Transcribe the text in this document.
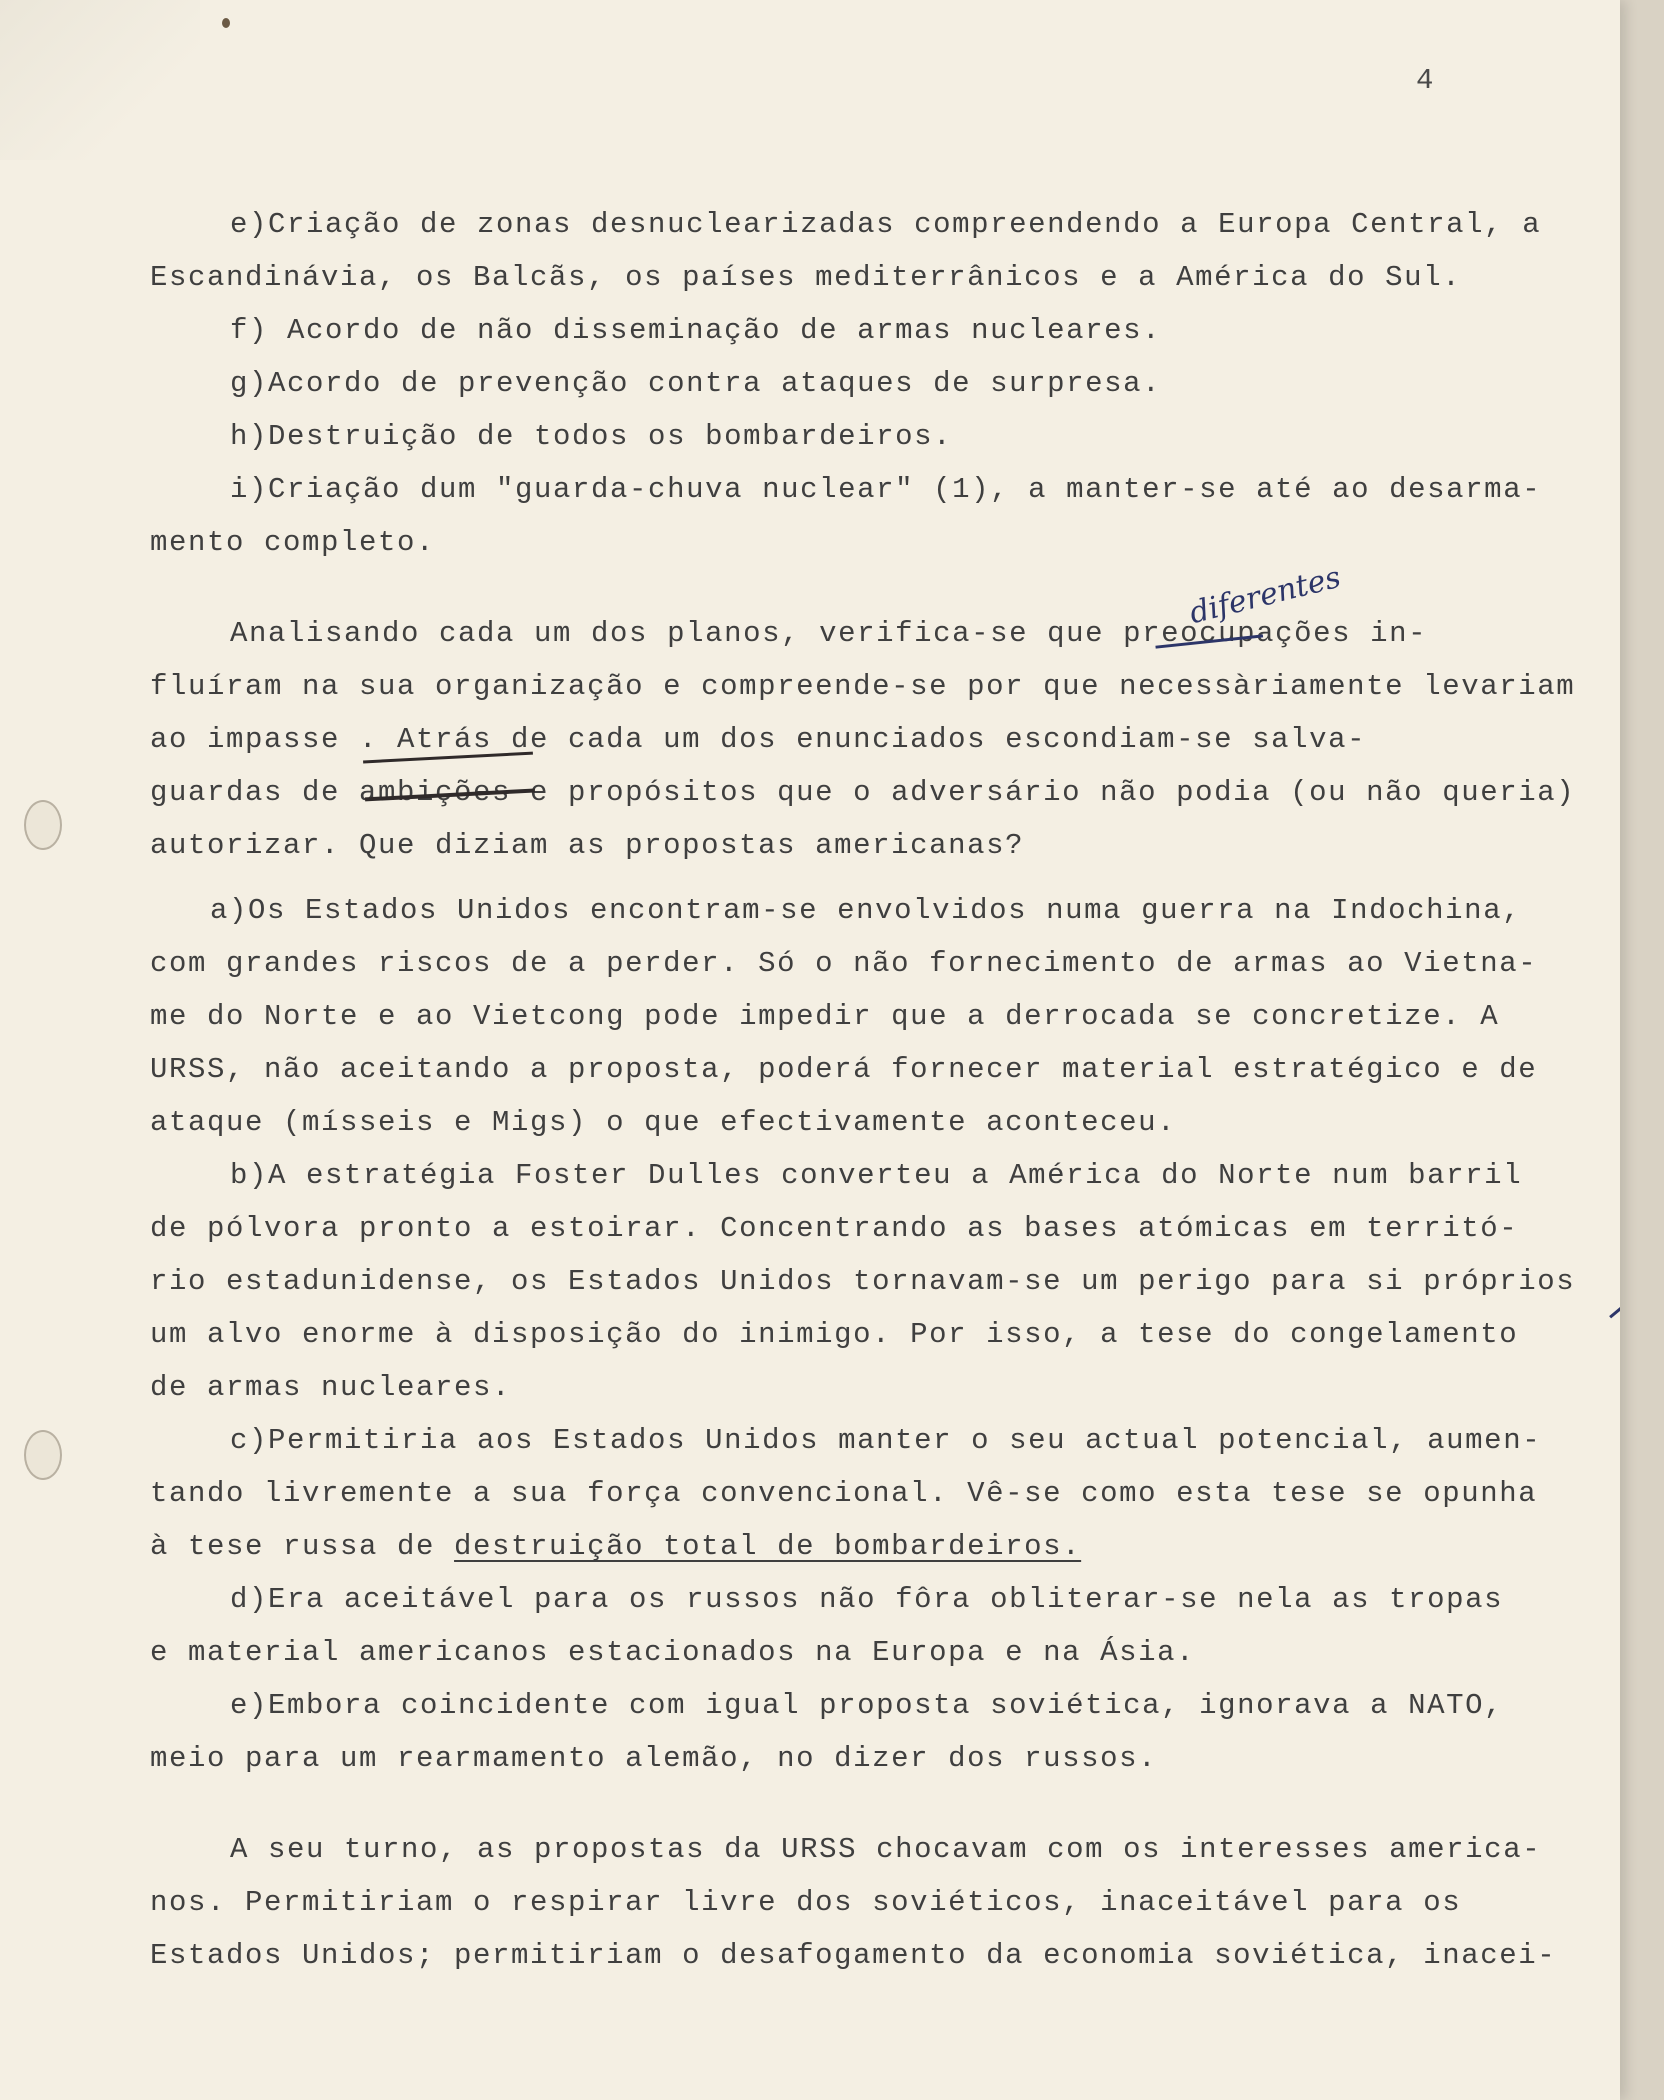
4
e)Criação de zonas desnuclearizadas compreendendo a Europa Central, a
Escandinávia, os Balcãs, os países mediterrânicos e a América do Sul.
f) Acordo de não disseminação de armas nucleares.
g)Acordo de prevenção contra ataques de surpresa.
h)Destruição de todos os bombardeiros.
i)Criação dum "guarda-chuva nuclear" (1), a manter-se até ao desarma-
mento completo.
Analisando cada um dos planos, verifica-se que preocupações in-
fluíram na sua organização e compreende-se por que necessàriamente levariam
ao impasse . Atrás de cada um dos enunciados escondiam-se salva-
guardas de ambições e propósitos que o adversário não podia (ou não queria)
autorizar. Que diziam as propostas americanas?
a)Os Estados Unidos encontram-se envolvidos numa guerra na Indochina,
com grandes riscos de a perder. Só o não fornecimento de armas ao Vietna-
me do Norte e ao Vietcong pode impedir que a derrocada se concretize. A
URSS, não aceitando a proposta, poderá fornecer material estratégico e de
ataque (mísseis e Migs) o que efectivamente aconteceu.
b)A estratégia Foster Dulles converteu a América do Norte num barril
de pólvora pronto a estoirar. Concentrando as bases atómicas em territó-
rio estadunidense, os Estados Unidos tornavam-se um perigo para si próprios
um alvo enorme à disposição do inimigo. Por isso, a tese do congelamento
de armas nucleares.
c)Permitiria aos Estados Unidos manter o seu actual potencial, aumen-
tando livremente a sua força convencional. Vê-se como esta tese se opunha
à tese russa de destruição total de bombardeiros.
d)Era aceitável para os russos não fôra obliterar-se nela as tropas
e material americanos estacionados na Europa e na Ásia.
e)Embora coincidente com igual proposta soviética, ignorava a NATO,
meio para um rearmamento alemão, no dizer dos russos.
A seu turno, as propostas da URSS chocavam com os interesses america-
nos. Permitiriam o respirar livre dos soviéticos, inaceitável para os
Estados Unidos; permitiriam o desafogamento da economia soviética, inacei-
diferentes
